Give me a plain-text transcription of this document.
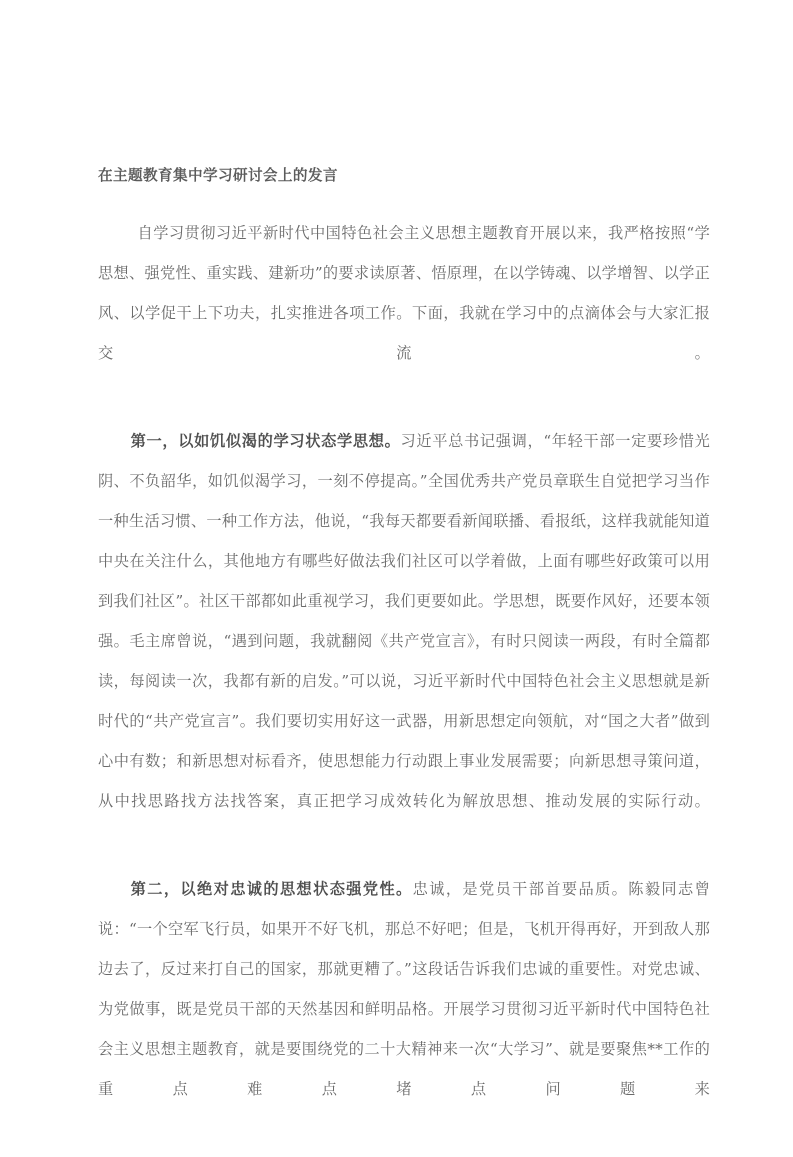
在主题教育集中学习研讨会上的发言

自学习贯彻习近平新时代中国特色社会主义思想主题教育开展以来，我严格按照“学思想、强党性、重实践、建新功”的要求读原著、悟原理，在以学铸魂、以学增智、以学正风、以学促干上下功夫，扎实推进各项工作。下面，我就在学习中的点滴体会与大家汇报交流。

第一，以如饥似渴的学习状态学思想。习近平总书记强调，“年轻干部一定要珍惜光阴、不负韶华，如饥似渴学习，一刻不停提高。”全国优秀共产党员章联生自觉把学习当作一种生活习惯、一种工作方法，他说，“我每天都要看新闻联播、看报纸，这样我就能知道中央在关注什么，其他地方有哪些好做法我们社区可以学着做，上面有哪些好政策可以用到我们社区”。社区干部都如此重视学习，我们更要如此。学思想，既要作风好，还要本领强。毛主席曾说，“遇到问题，我就翻阅《共产党宣言》，有时只阅读一两段，有时全篇都读，每阅读一次，我都有新的启发。”可以说，习近平新时代中国特色社会主义思想就是新时代的“共产党宣言”。我们要切实用好这一武器，用新思想定向领航，对“国之大者”做到心中有数；和新思想对标看齐，使思想能力行动跟上事业发展需要；向新思想寻策问道，从中找思路找方法找答案，真正把学习成效转化为解放思想、推动发展的实际行动。

第二，以绝对忠诚的思想状态强党性。忠诚，是党员干部首要品质。陈毅同志曾说：“一个空军飞行员，如果开不好飞机，那总不好吧；但是，飞机开得再好，开到敌人那边去了，反过来打自己的国家，那就更糟了。”这段话告诉我们忠诚的重要性。对党忠诚、为党做事，既是党员干部的天然基因和鲜明品格。开展学习贯彻习近平新时代中国特色社会主义思想主题教育，就是要围绕党的二十大精神来一次“大学习”、就是要聚焦**工作的重点难点堵点问题来
